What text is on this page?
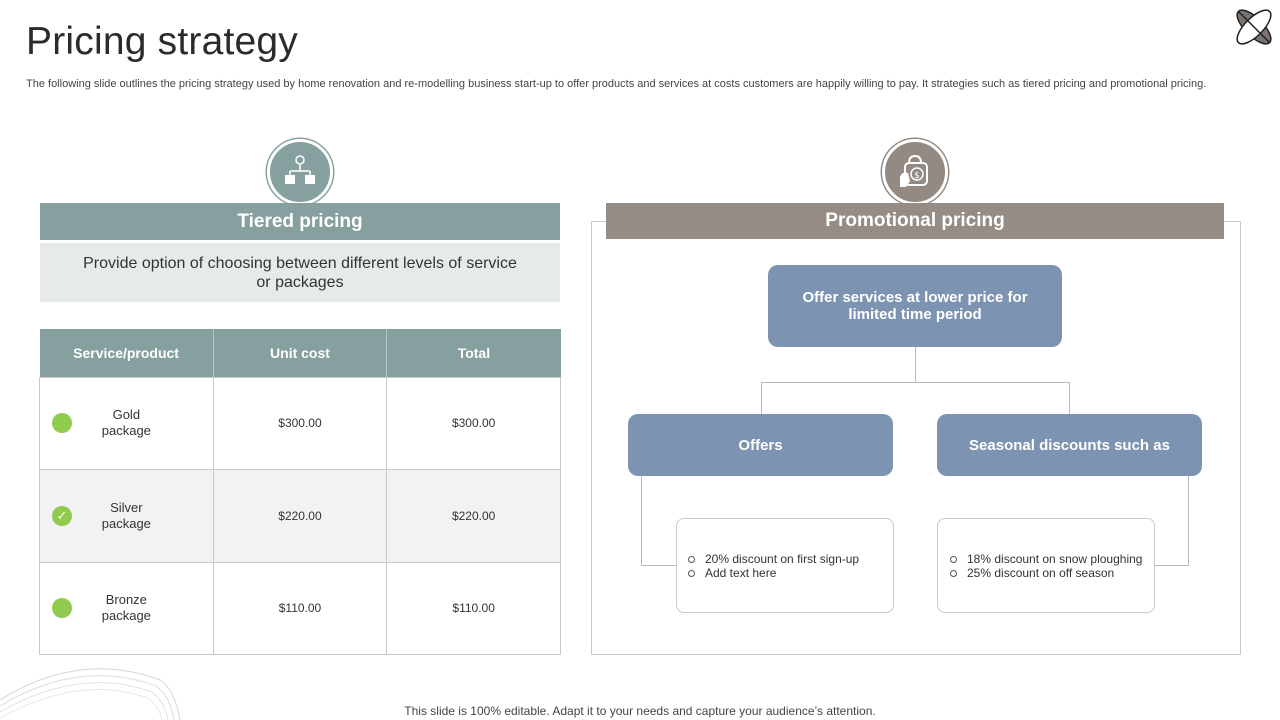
Pricing strategy

The following slide outlines the pricing strategy used by home renovation and re-modelling business start-up to offer products and services at costs customers are happily willing to pay. It strategies such as tiered pricing and promotional pricing.

Tiered pricing
Provide option of choosing between different levels of service or packages
Service/product	Unit cost	Total

Gold package	$300.00	$300.00

✓
Silver package	$220.00	$220.00

Bronze package	$110.00	$110.00
$
Promotional pricing
Offer services at lower price for limited time period
Offers	Seasonal discounts such as
20% discount on first sign-up
Add text here
18% discount on snow ploughing
25% discount on off season
This slide is 100% editable. Adapt it to your needs and capture your audience’s attention.
